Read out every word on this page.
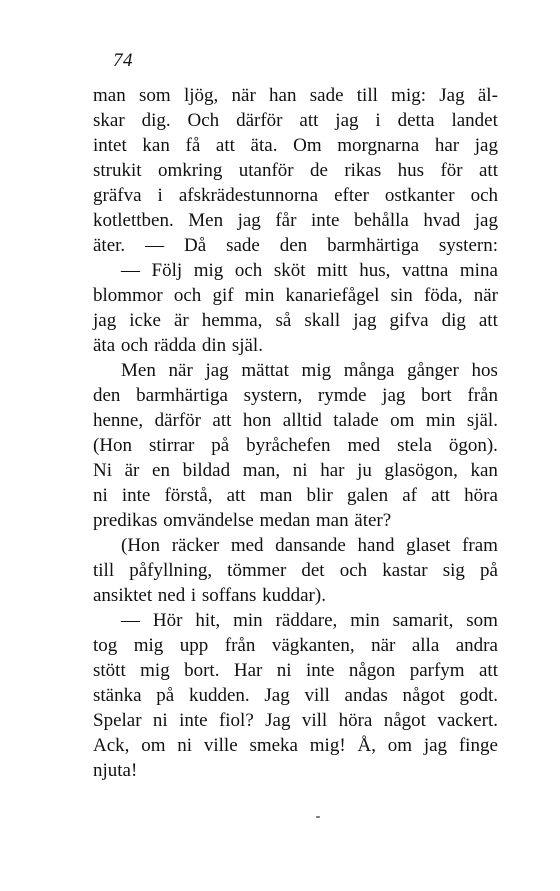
74
man som ljög, när han sade till mig: Jag äl-
skar dig. Och därför att jag i detta landet
intet kan få att äta. Om morgnarna har jag
strukit omkring utanför de rikas hus för att
gräfva i afskrädestunnorna efter ostkanter och
kotlettben. Men jag får inte behålla hvad jag
äter. — Då sade den barmhärtiga systern:
— Följ mig och sköt mitt hus, vattna mina
blommor och gif min kanariefågel sin föda, när
jag icke är hemma, så skall jag gifva dig att
äta och rädda din själ.
Men när jag mättat mig många gånger hos
den barmhärtiga systern, rymde jag bort från
henne, därför att hon alltid talade om min själ.
(Hon stirrar på byråchefen med stela ögon).
Ni är en bildad man, ni har ju glasögon, kan
ni inte förstå, att man blir galen af att höra
predikas omvändelse medan man äter?
(Hon räcker med dansande hand glaset fram
till påfyllning, tömmer det och kastar sig på
ansiktet ned i soffans kuddar).
— Hör hit, min räddare, min samarit, som
tog mig upp från vägkanten, när alla andra
stött mig bort. Har ni inte någon parfym att
stänka på kudden. Jag vill andas något godt.
Spelar ni inte fiol? Jag vill höra något vackert.
Ack, om ni ville smeka mig! Å, om jag finge
njuta!
